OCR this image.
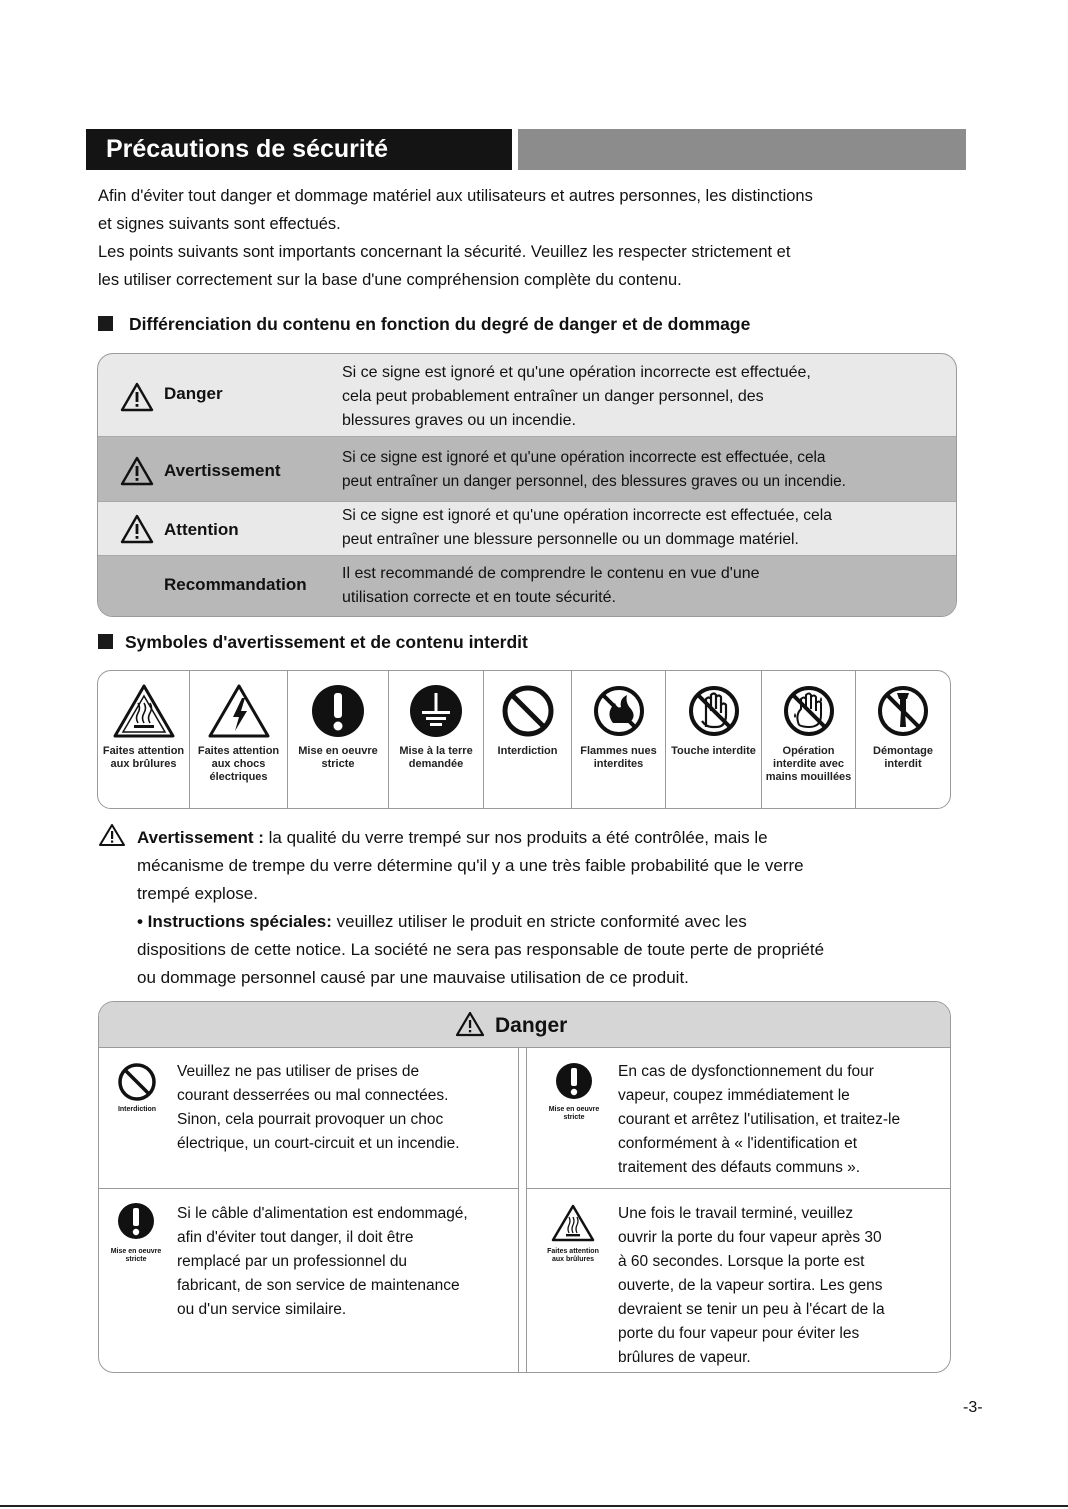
Précautions de sécurité
Afin d'éviter tout danger et dommage matériel aux utilisateurs et autres personnes, les distinctions
et signes suivants sont effectués.
Les points suivants sont importants concernant la sécurité. Veuillez les respecter strictement et
les utiliser correctement sur la base d'une compréhension complète du contenu.
Différenciation du contenu en fonction du degré de danger et de dommage
Danger
Si ce signe est ignoré et qu'une opération incorrecte est effectuée,
cela peut probablement entraîner un danger personnel, des
blessures graves ou un incendie.
Avertissement
Si ce signe est ignoré et qu'une opération incorrecte est effectuée, cela
peut entraîner un danger personnel, des blessures graves ou un incendie.
Attention
Si ce signe est ignoré et qu'une opération incorrecte est effectuée, cela
peut entraîner une blessure personnelle ou un dommage matériel.
Recommandation
Il est recommandé de comprendre le contenu en vue d'une
utilisation correcte et en toute sécurité.
Symboles d'avertissement et de contenu interdit
Faites attention aux brûlures
Faites attention aux chocs électriques
Mise en oeuvre stricte
Mise à la terre demandée
Interdiction	Flammes nues interdites
Touche interdite	Opération interdite avec mains mouillées
Démontage interdit
Avertissement : la qualité du verre trempé sur nos produits a été contrôlée, mais le
mécanisme de trempe du verre détermine qu'il y a une très faible probabilité que le verre
trempé explose.
• Instructions spéciales: veuillez utiliser le produit en stricte conformité avec les
dispositions de cette notice. La société ne sera pas responsable de toute perte de propriété
ou dommage personnel causé par une mauvaise utilisation de ce produit.
Danger
Interdiction
Veuillez ne pas utiliser de prises de
courant desserrées ou mal connectées.
Sinon, cela pourrait provoquer un choc
électrique, un court-circuit et un incendie.
Mise en oeuvre stricte
En cas de dysfonctionnement du four
vapeur, coupez immédiatement le
courant et arrêtez l'utilisation, et traitez-le
conformément à « l'identification et
traitement des défauts communs ».
Mise en oeuvre stricte
Si le câble d'alimentation est endommagé,
afin d'éviter tout danger, il doit être
remplacé par un professionnel du
fabricant, de son service de maintenance
ou d'un service similaire.
Faites attention aux brûlures
Une fois le travail terminé, veuillez
ouvrir la porte du four vapeur après 30
à 60 secondes. Lorsque la porte est
ouverte, de la vapeur sortira. Les gens
devraient se tenir un peu à l'écart de la
porte du four vapeur pour éviter les
brûlures de vapeur.
-3-
